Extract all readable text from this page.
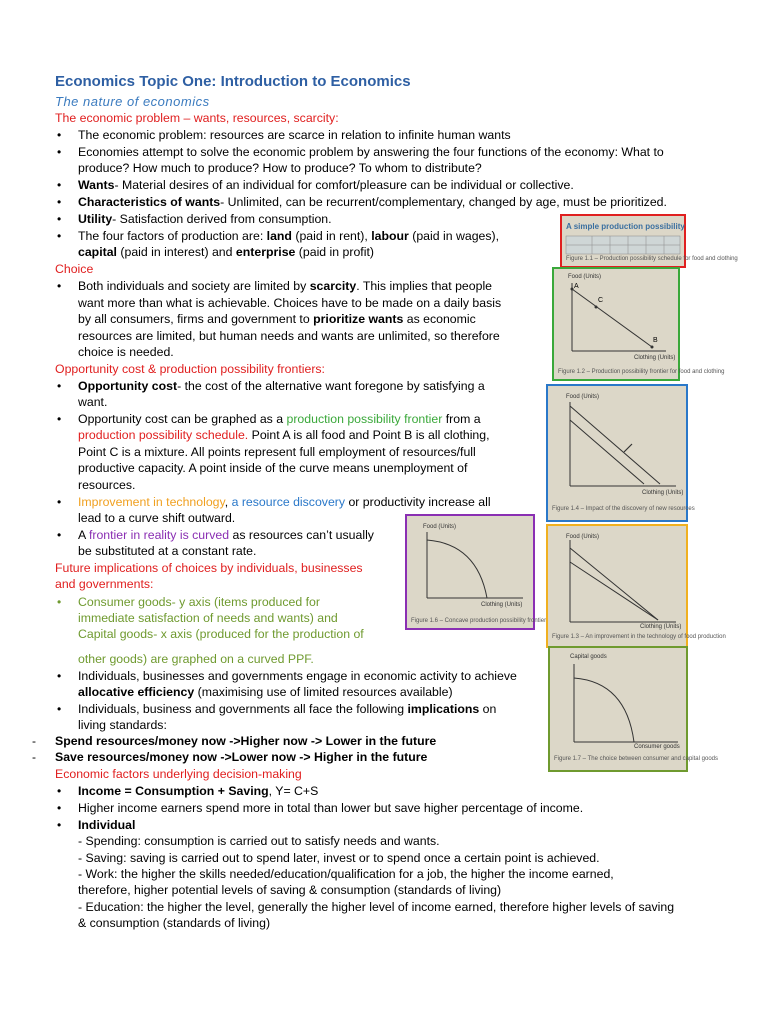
Economics Topic One: Introduction to Economics
The nature of economics
The economic problem – wants, resources, scarcity:
• The economic problem: resources are scarce in relation to infinite human wants
• Economies attempt to solve the economic problem by answering the four functions of the economy: What to
produce? How much to produce? How to produce? To whom to distribute?
• Wants- Material desires of an individual for comfort/pleasure can be individual or collective.
• Characteristics of wants- Unlimited, can be recurrent/complementary, changed by age, must be prioritized.
• Utility- Satisfaction derived from consumption.
• The four factors of production are: land (paid in rent), labour (paid in wages),
capital (paid in interest) and enterprise (paid in profit)
Choice
• Both individuals and society are limited by scarcity. This implies that people
want more than what is achievable. Choices have to be made on a daily basis
by all consumers, firms and government to prioritize wants as economic
resources are limited, but human needs and wants are unlimited, so therefore
choice is needed.
Opportunity cost & production possibility frontiers:
• Opportunity cost- the cost of the alternative want foregone by satisfying a
want.
• Opportunity cost can be graphed as a production possibility frontier from a
production possibility schedule. Point A is all food and Point B is all clothing,
Point C is a mixture. All points represent full employment of resources/full
productive capacity. A point inside of the curve means unemployment of
resources.
• Improvement in technology, a resource discovery or productivity increase all
lead to a curve shift outward.
• A frontier in reality is curved as resources can’t usually
be substituted at a constant rate.
Future implications of choices by individuals, businesses
and governments:
• Consumer goods- y axis (items produced for
immediate satisfaction of needs and wants) and
Capital goods- x axis (produced for the production of
other goods) are graphed on a curved PPF.
• Individuals, businesses and governments engage in economic activity to achieve
allocative efficiency (maximising use of limited resources available)
• Individuals, business and governments all face the following implications on
living standards:
- Spend resources/money now ->Higher now -> Lower in the future
- Save resources/money now ->Lower now -> Higher in the future
Economic factors underlying decision-making
• Income = Consumption + Saving, Y= C+S
• Higher income earners spend more in total than lower but save higher percentage of income.
• Individual
- Spending: consumption is carried out to satisfy needs and wants.
- Saving: saving is carried out to spend later, invest or to spend once a certain point is achieved.
- Work: the higher the skills needed/education/qualification for a job, the higher the income earned,
therefore, higher potential levels of saving & consumption (standards of living)
- Education: the higher the level, generally the higher level of income earned, therefore higher levels of saving
& consumption (standards of living)
A simple production possibility
Figure 1.1 – Production possibility schedule for food and clothing
Food (Units)
A
C
B
Clothing (Units)
Figure 1.2 – Production possibility frontier for food and clothing
Food (Units)
Clothing (Units)
Figure 1.4 – Impact of the discovery of new resources
Food (Units)
Clothing (Units)
Figure 1.6 – Concave production possibility frontier
Food (Units)
Clothing (Units)
Figure 1.3 – An improvement in the technology of food production
Capital goods
Consumer goods
Figure 1.7 – The choice between consumer and capital goods
